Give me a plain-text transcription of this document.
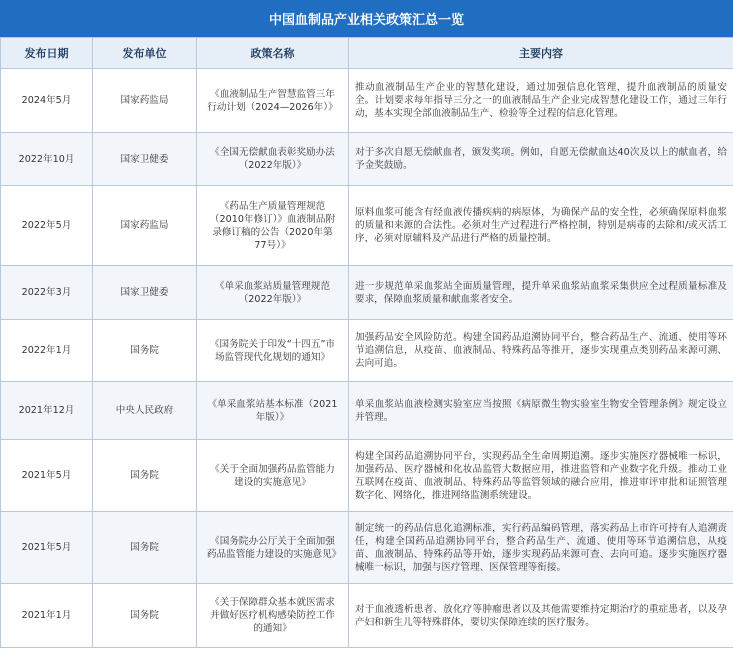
中国血制品产业相关政策汇总一览
发布日期	发布单位	政策名称	主要内容
2024年5月	国家药监局	《血液制品生产智慧监管三年行动计划（2024—2026年）》	推动血液制品生产企业的智慧化建设，通过加强信息化管理，提升血液制品的质量安全。计划要求每年指导三分之一的血液制品生产企业完成智慧化建设工作，通过三年行动，基本实现全部血液制品生产、检验等全过程的信息化管理。
2022年10月	国家卫健委	《全国无偿献血表彰奖励办法（2022年版）》	对于多次自愿无偿献血者，颁发奖项。例如，自愿无偿献血达40次及以上的献血者，给予金奖鼓励。
2022年5月	国家药监局	《药品生产质量管理规范（2010年修订）》血液制品附录修订稿的公告（2020年第77号）》	原料血浆可能含有经血液传播疾病的病原体，为确保产品的安全性，必须确保原料血浆的质量和来源的合法性。必须对生产过程进行严格控制，特别是病毒的去除和/或灭活工序，必须对原辅料及产品进行严格的质量控制。
2022年3月	国家卫健委	《单采血浆站质量管理规范（2022年版）》	进一步规范单采血浆站全面质量管理，提升单采血浆站血浆采集供应全过程质量标准及要求，保障血浆质量和献血浆者安全。
2022年1月	国务院	《国务院关于印发“十四五”市场监管现代化规划的通知》	加强药品安全风险防范。构建全国药品追溯协同平台，整合药品生产、流通、使用等环节追溯信息，从疫苗、血液制品、特殊药品等推开，逐步实现重点类别药品来源可溯、去向可追。
2021年12月	中央人民政府	《单采血浆站基本标准（2021年版）》	单采血浆站血液检测实验室应当按照《病原微生物实验室生物安全管理条例》规定设立并管理。
2021年5月	国务院	《关于全面加强药品监管能力建设的实施意见》	构建全国药品追溯协同平台，实现药品全生命周期追溯。逐步实施医疗器械唯一标识，加强药品、医疗器械和化妆品监管大数据应用，推进监管和产业数字化升级。推动工业互联网在疫苗、血液制品、特殊药品等监管领域的融合应用，推进审评审批和证照管理数字化、网络化，推进网络监测系统建设。
2021年5月	国务院	《国务院办公厅关于全面加强药品监管能力建设的实施意见》	制定统一的药品信息化追溯标准，实行药品编码管理，落实药品上市许可持有人追溯责任，构建全国药品追溯协同平台，整合药品生产、流通、使用等环节追溯信息，从疫苗、血液制品、特殊药品等开始，逐步实现药品来源可查、去向可追。逐步实施医疗器械唯一标识，加强与医疗管理、医保管理等衔接。
2021年1月	国务院	《关于保障群众基本就医需求并做好医疗机构感染防控工作的通知》	对于血液透析患者、放化疗等肿瘤患者以及其他需要维持定期治疗的重症患者，以及孕产妇和新生儿等特殊群体，要切实保障连续的医疗服务。
